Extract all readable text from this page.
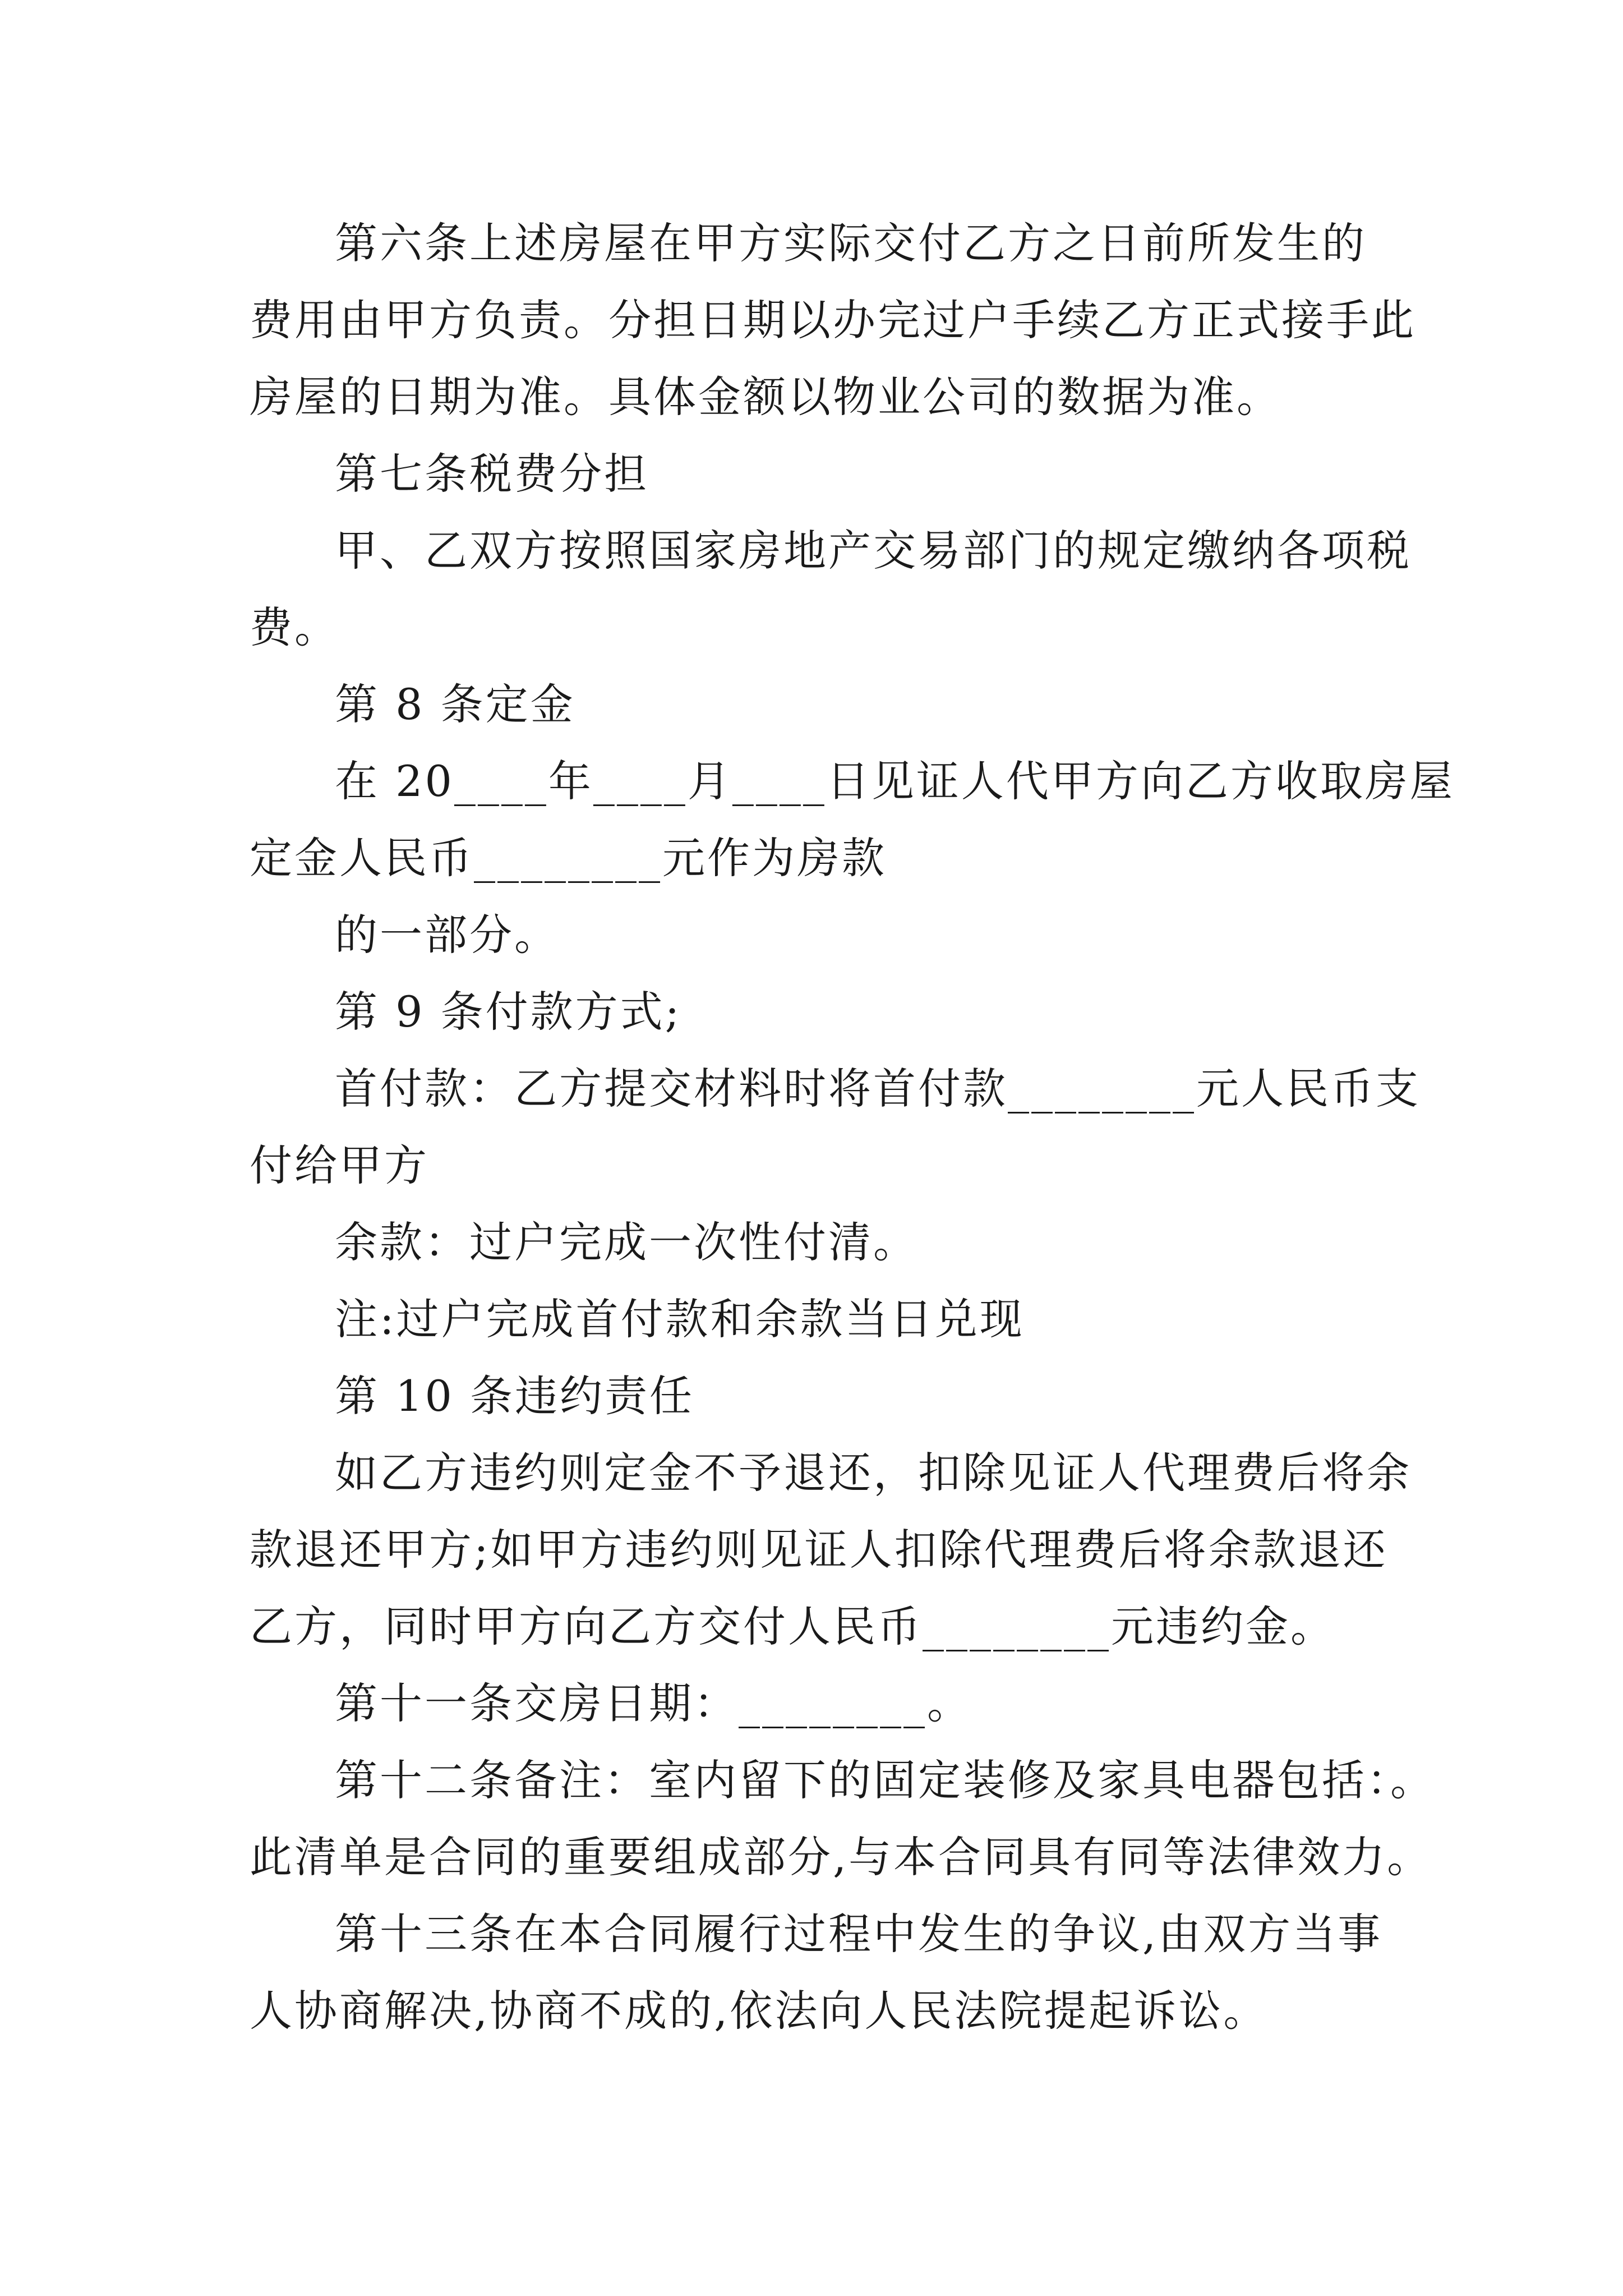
第六条上述房屋在甲方实际交付乙方之日前所发生的
费用由甲方负责。分担日期以办完过户手续乙方正式接手此
房屋的日期为准。具体金额以物业公司的数据为准。
第七条税费分担
甲、乙双方按照国家房地产交易部门的规定缴纳各项税
费。
第 8 条定金
在 20____年____月____日见证人代甲方向乙方收取房屋
定金人民币________元作为房款
的一部分。
第 9 条付款方式;
首付款：乙方提交材料时将首付款________元人民币支
付给甲方
余款：过户完成一次性付清。
注:过户完成首付款和余款当日兑现
第 10 条违约责任
如乙方违约则定金不予退还，扣除见证人代理费后将余
款退还甲方;如甲方违约则见证人扣除代理费后将余款退还
乙方，同时甲方向乙方交付人民币________元违约金。
第十一条交房日期：________。
第十二条备注：室内留下的固定装修及家具电器包括：。
此清单是合同的重要组成部分,与本合同具有同等法律效力。
第十三条在本合同履行过程中发生的争议,由双方当事
人协商解决,协商不成的,依法向人民法院提起诉讼。
